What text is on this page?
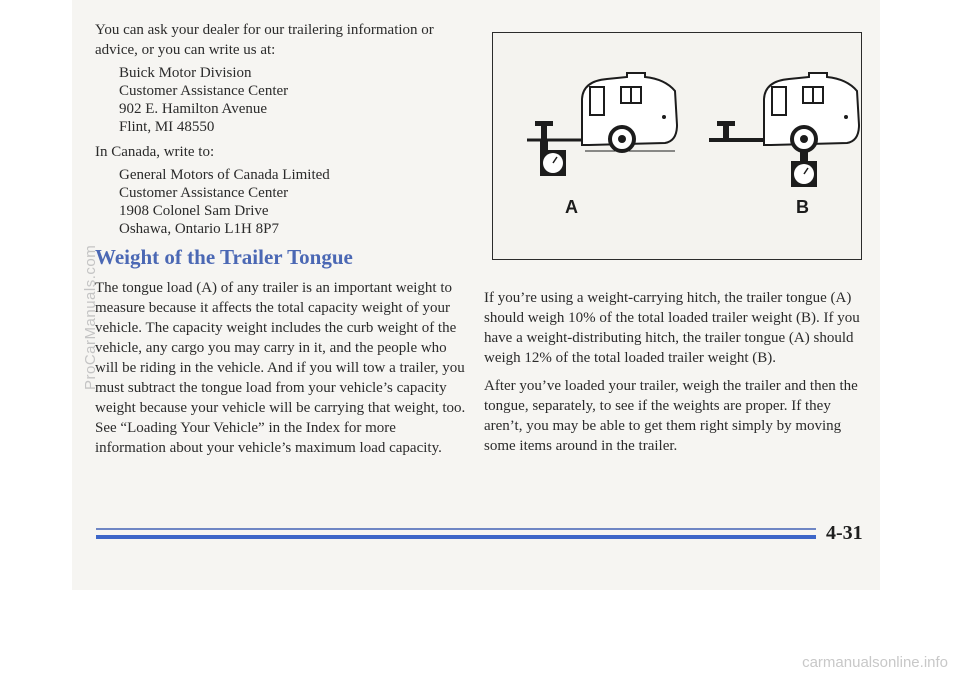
You can ask your dealer for our trailering information or advice, or you can write us at:

Buick Motor Division
Customer Assistance Center
902 E. Hamilton Avenue
Flint, MI 48550

In Canada, write to:

General Motors of Canada Limited
Customer Assistance Center
1908 Colonel Sam Drive
Oshawa, Ontario L1H 8P7
Weight of the Trailer Tongue

The tongue load (A) of any trailer is an important weight to measure because it affects the total capacity weight of your vehicle. The capacity weight includes the curb weight of the vehicle, any cargo you may carry in it, and the people who will be riding in the vehicle. And if you will tow a trailer, you must subtract the tongue load from your vehicle’s capacity weight because your vehicle will be carrying that weight, too. See “Loading Your Vehicle” in the Index for more information about your vehicle’s maximum load capacity.

A	B

If you’re using a weight-carrying hitch, the trailer tongue (A) should weigh 10% of the total loaded trailer weight (B). If you have a weight-distributing hitch, the trailer tongue (A) should weigh 12% of the total loaded trailer weight (B).

After you’ve loaded your trailer, weigh the trailer and then the tongue, separately, to see if the weights are proper. If they aren’t, you may be able to get them right simply by moving some items around in the trailer.

4-31
ProCarManuals.com
carmanualsonline.info
